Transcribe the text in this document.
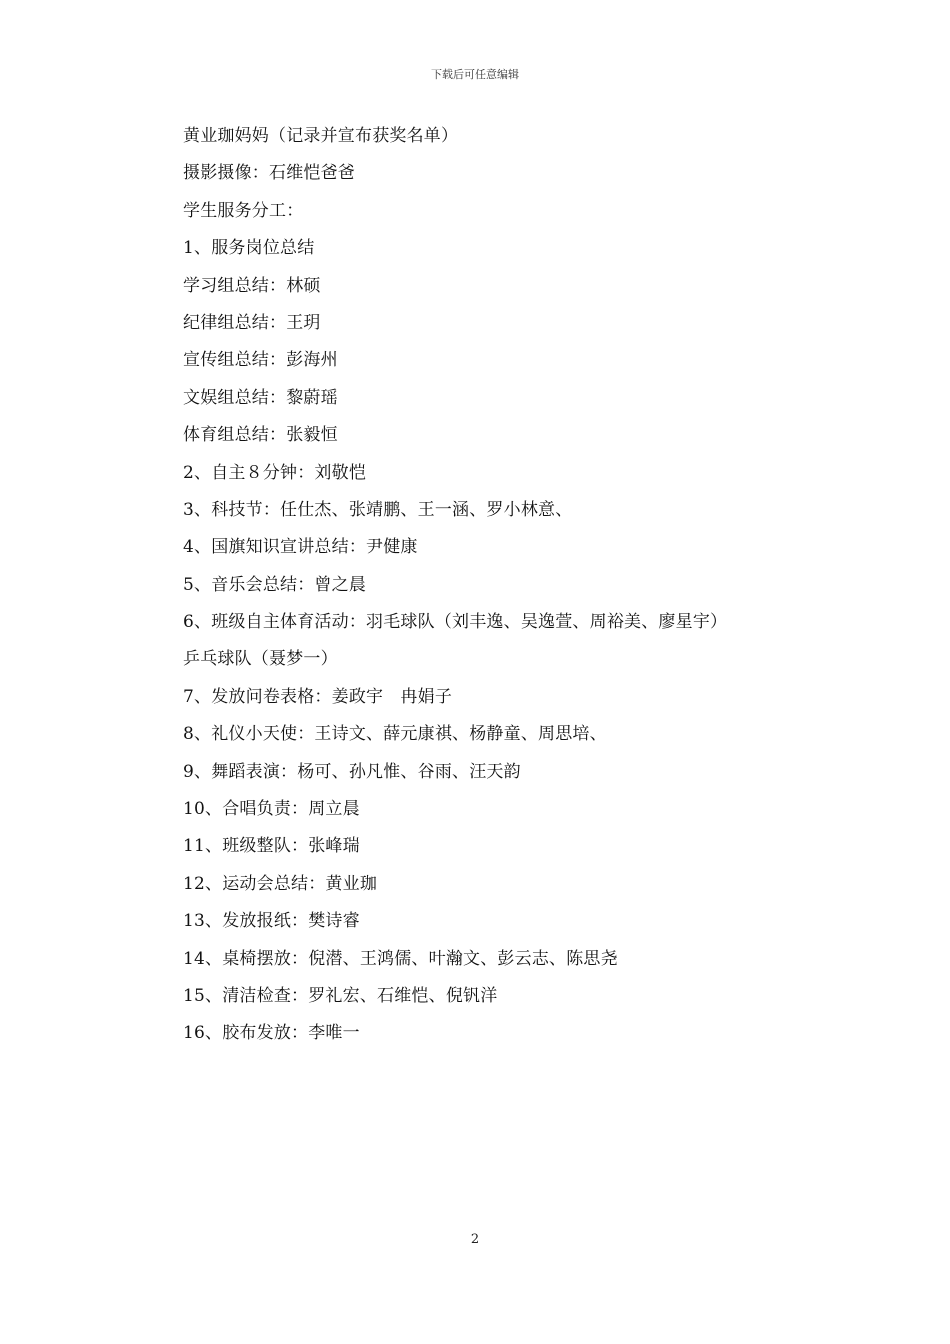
下载后可任意编辑
黄业珈妈妈（记录并宣布获奖名单）
摄影摄像：石维恺爸爸
学生服务分工：
1、服务岗位总结
学习组总结：林硕
纪律组总结：王玥
宣传组总结：彭海州
文娱组总结：黎蔚瑶
体育组总结：张毅恒
2、自主８分钟：刘敬恺
3、科技节：任仕杰、张靖鹏、王一涵、罗小林意、
4、国旗知识宣讲总结：尹健康
5、音乐会总结：曾之晨
6、班级自主体育活动：羽毛球队（刘丰逸、吴逸萱、周裕美、廖星宇）
乒乓球队（聂梦一）
7、发放问卷表格：姜政宇　冉娟子
8、礼仪小天使：王诗文、薛元康祺、杨静童、周思培、
9、舞蹈表演：杨可、孙凡惟、谷雨、汪天韵
10、合唱负责：周立晨
11、班级整队：张峰瑞
12、运动会总结：黄业珈
13、发放报纸：樊诗睿
14、桌椅摆放：倪潜、王鸿儒、叶瀚文、彭云志、陈思尧
15、清洁检查：罗礼宏、石维恺、倪钒洋
16、胶布发放：李唯一
2
